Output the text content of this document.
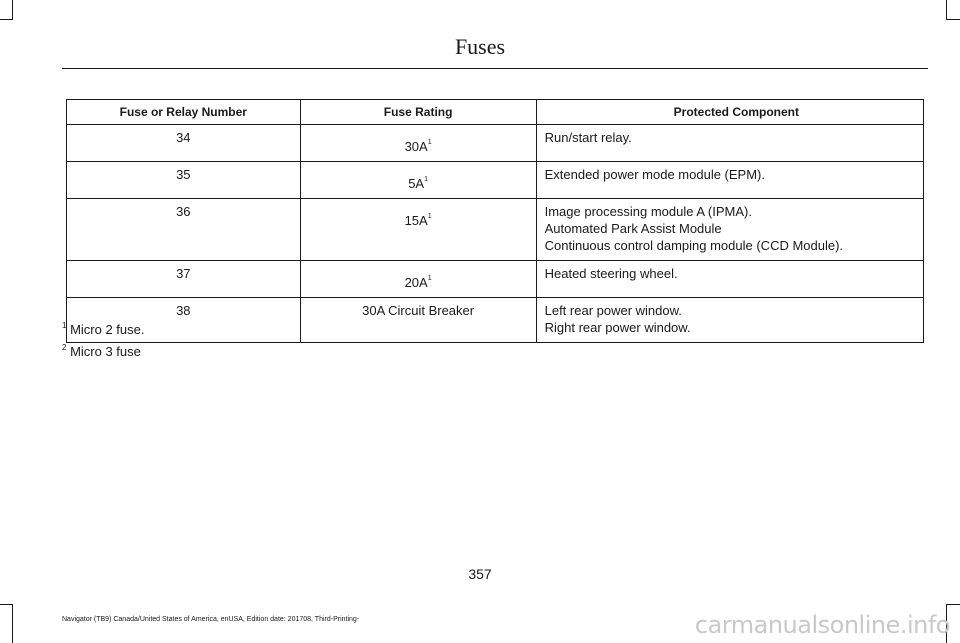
Fuses
Fuse or Relay Number	Fuse Rating	Protected Component
34	$30A^1$	Run/start relay.

35	$5A^1$	Extended power mode module (EPM).

36	$15A^1$	Image processing module A (IPMA).
Automated Park Assist Module
Continuous control damping module (CCD Module).

37	$20A^1$	Heated steering wheel.

38	30A Circuit Breaker	Left rear power window.
Right rear power window.
$^1$ Micro 2 fuse.
$^2$ Micro 3 fuse
357
Navigator (TB9) Canada/United States of America, enUSA, Edition date: 201708, Third-Printing-	carmanualsonline.info
